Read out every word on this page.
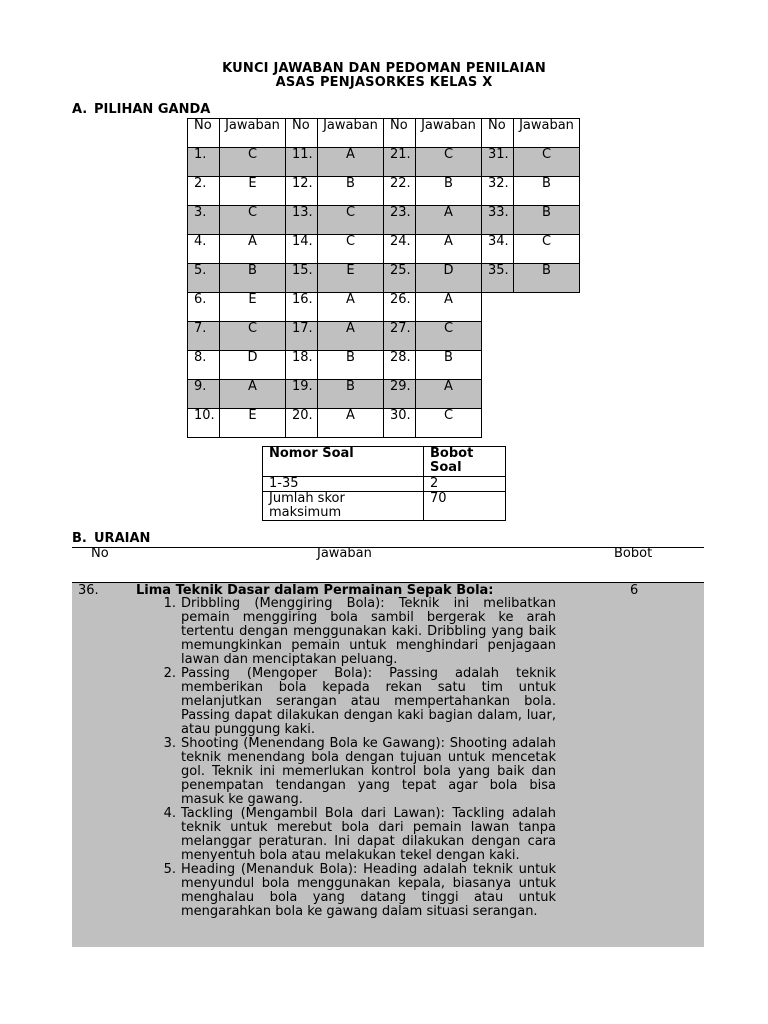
KUNCI JAWABAN DAN PEDOMAN PENILAIAN
ASAS PENJASORKES KELAS X
A. PILIHAN GANDA
No	Jawaban	No	Jawaban	No	Jawaban	No	Jawaban
1.	C	11.	A	21.	C	31.	C
2.	E	12.	B	22.	B	32.	B
3.	C	13.	C	23.	A	33.	B
4.	A	14.	C	24.	A	34.	C
5.	B	15.	E	25.	D	35.	B
6.	E	16.	A	26.	A		
7.	C	17.	A	27.	C		
8.	D	18.	B	28.	B		
9.	A	19.	B	29.	A		
10.	E	20.	A	30.	C		
Nomor Soal	Bobot Soal
1-35	2
Jumlah skor maksimum	70
B. URAIAN
No	Jawaban	Bobot
36.	Lima Teknik Dasar dalam Permainan Sepak Bola:	6
1. Dribbling (Menggiring Bola): Teknik ini melibatkan pemain menggiring bola sambil bergerak ke arah tertentu dengan menggunakan kaki. Dribbling yang baik memungkinkan pemain untuk menghindari penjagaan lawan dan menciptakan peluang.
2. Passing (Mengoper Bola): Passing adalah teknik memberikan bola kepada rekan satu tim untuk melanjutkan serangan atau mempertahankan bola. Passing dapat dilakukan dengan kaki bagian dalam, luar, atau punggung kaki.
3. Shooting (Menendang Bola ke Gawang): Shooting adalah teknik menendang bola dengan tujuan untuk mencetak gol. Teknik ini memerlukan kontrol bola yang baik dan penempatan tendangan yang tepat agar bola bisa masuk ke gawang.
4. Tackling (Mengambil Bola dari Lawan): Tackling adalah teknik untuk merebut bola dari pemain lawan tanpa melanggar peraturan. Ini dapat dilakukan dengan cara menyentuh bola atau melakukan tekel dengan kaki.
5. Heading (Menanduk Bola): Heading adalah teknik untuk menyundul bola menggunakan kepala, biasanya untuk menghalau bola yang datang tinggi atau untuk mengarahkan bola ke gawang dalam situasi serangan.
